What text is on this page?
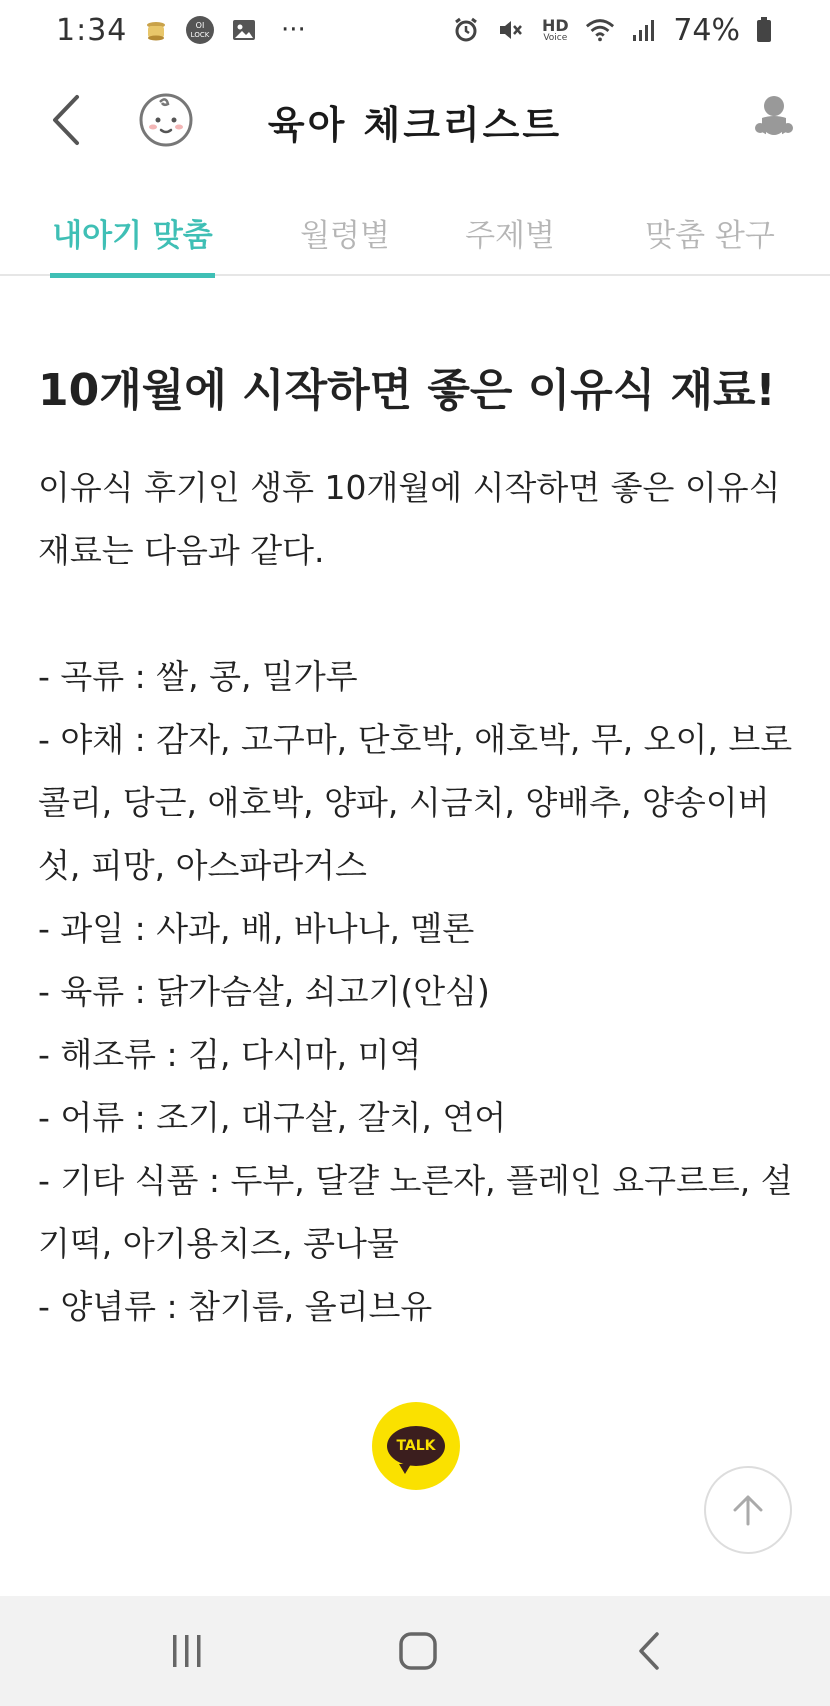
1:34	OI
LOCK	···	HD
Voice	74%
육아 체크리스트
내아기 맞춤	월령별	주제별	맞춤 완구
10개월에 시작하면 좋은 이유식 재료!

이유식 후기인 생후 10개월에 시작하면 좋은 이유식 재료는 다음과 같다.

- 곡류 : 쌀, 콩, 밀가루
- 야채 : 감자, 고구마, 단호박, 애호박, 무, 오이, 브로콜리, 당근, 애호박, 양파, 시금치, 양배추, 양송이버섯, 피망, 아스파라거스
- 과일 : 사과, 배, 바나나, 멜론
- 육류 : 닭가슴살, 쇠고기(안심)
- 해조류 : 김, 다시마, 미역
- 어류 : 조기, 대구살, 갈치, 연어
- 기타 식품 : 두부, 달걀 노른자, 플레인 요구르트, 설기떡, 아기용치즈, 콩나물
- 양념류 : 참기름, 올리브유
TALK
